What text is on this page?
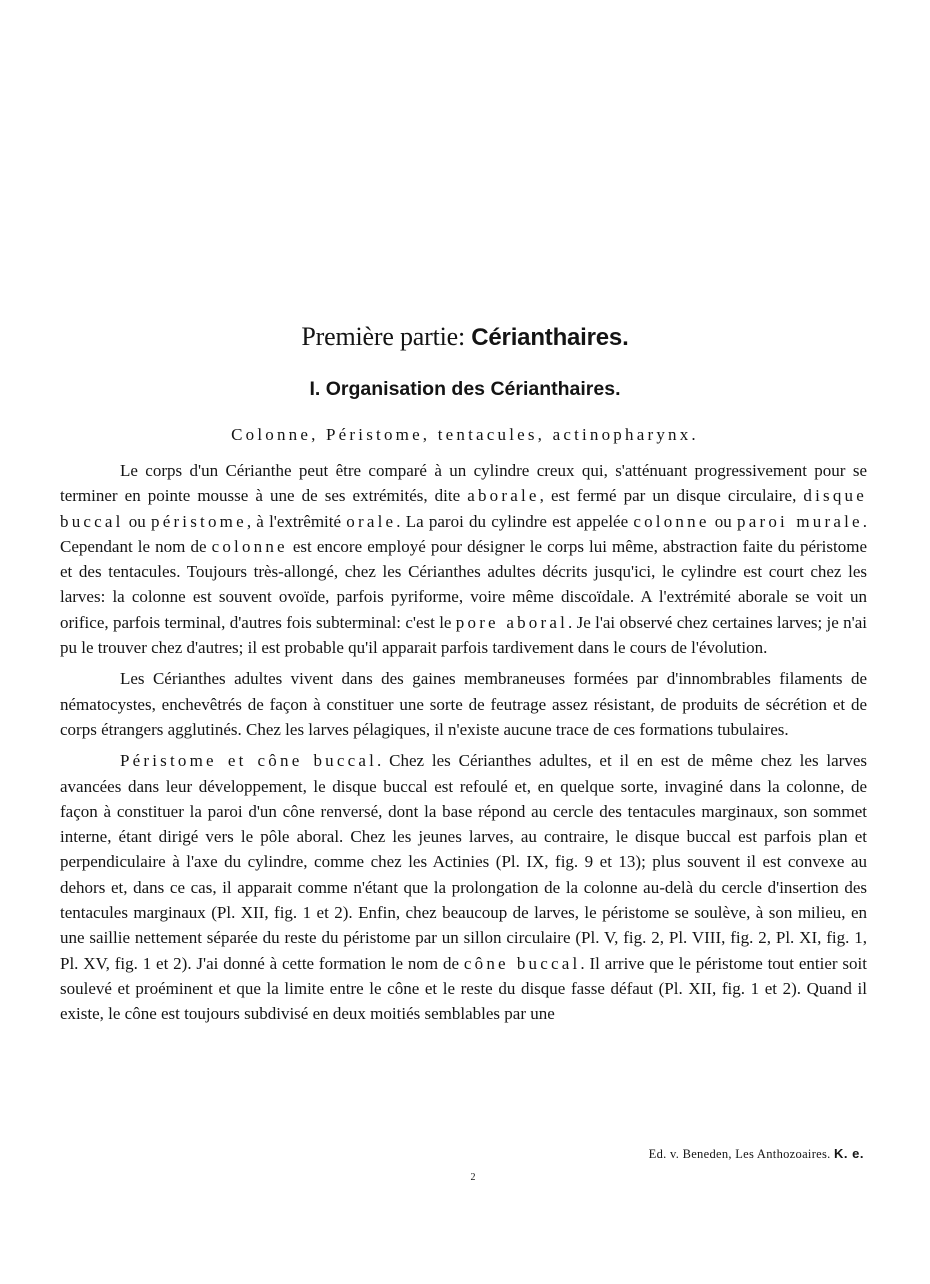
Première partie: Cérianthaires.
I. Organisation des Cérianthaires.
Colonne, Péristome, tentacules, actinopharynx.

Le corps d'un Cérianthe peut être comparé à un cylindre creux qui, s'atténuant progressivement pour se terminer en pointe mousse à une de ses extrémités, dite aborale, est fermé par un disque circulaire, disque buccal ou péristome, à l'extrêmité orale. La paroi du cylindre est appelée colonne ou paroi murale. Cependant le nom de colonne est encore employé pour désigner le corps lui même, abstraction faite du péristome et des tentacules. Toujours très-allongé, chez les Cérianthes adultes décrits jusqu'ici, le cylindre est court chez les larves: la colonne est souvent ovoïde, parfois pyriforme, voire même discoïdale. A l'extrémité aborale se voit un orifice, parfois terminal, d'autres fois subterminal: c'est le pore aboral. Je l'ai observé chez certaines larves; je n'ai pu le trouver chez d'autres; il est probable qu'il apparait parfois tardivement dans le cours de l'évolution.

Les Cérianthes adultes vivent dans des gaines membraneuses formées par d'innombrables filaments de nématocystes, enchevêtrés de façon à constituer une sorte de feutrage assez résistant, de produits de sécrétion et de corps étrangers agglutinés. Chez les larves pélagiques, il n'existe aucune trace de ces formations tubulaires.

Péristome et cône buccal. Chez les Cérianthes adultes, et il en est de même chez les larves avancées dans leur développement, le disque buccal est refoulé et, en quelque sorte, invaginé dans la colonne, de façon à constituer la paroi d'un cône renversé, dont la base répond au cercle des tentacules marginaux, son sommet interne, étant dirigé vers le pôle aboral. Chez les jeunes larves, au contraire, le disque buccal est parfois plan et perpendiculaire à l'axe du cylindre, comme chez les Actinies (Pl. IX, fig. 9 et 13); plus souvent il est convexe au dehors et, dans ce cas, il apparait comme n'étant que la prolongation de la colonne au-delà du cercle d'insertion des tentacules marginaux (Pl. XII, fig. 1 et 2). Enfin, chez beaucoup de larves, le péristome se soulève, à son milieu, en une saillie nettement séparée du reste du péristome par un sillon circulaire (Pl. V, fig. 2, Pl. VIII, fig. 2, Pl. XI, fig. 1, Pl. XV, fig. 1 et 2). J'ai donné à cette formation le nom de cône buccal. Il arrive que le péristome tout entier soit soulevé et proéminent et que la limite entre le cône et le reste du disque fasse défaut (Pl. XII, fig. 1 et 2). Quand il existe, le cône est toujours subdivisé en deux moitiés semblables par une

Ed. v. Beneden, Les Anthozoaires. K. e.
2
